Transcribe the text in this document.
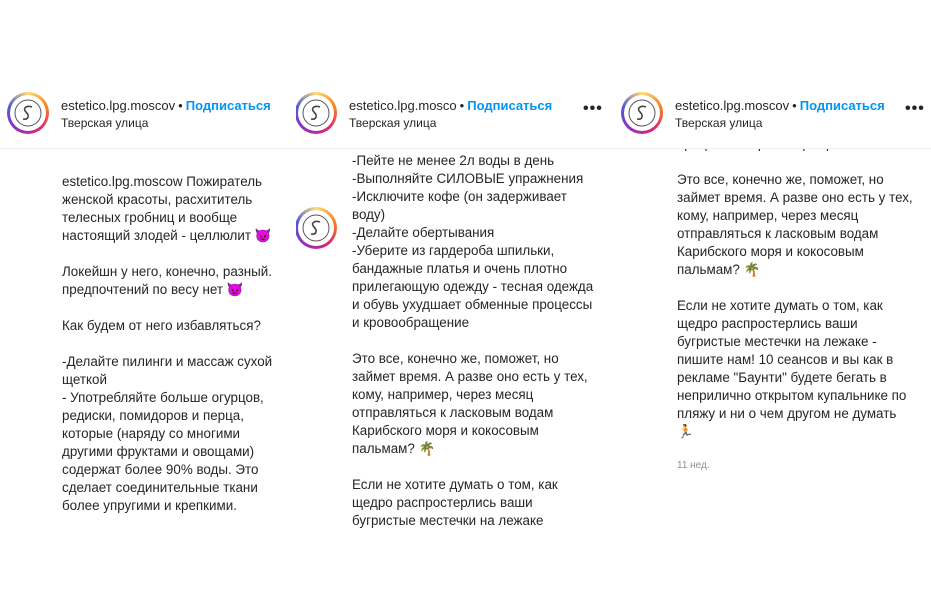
estetico.lpg.moscov • Подписаться
Тверская улица
estetico.lpg.moscow Пожиратель женской красоты, расхититель телесных гробниц и вообще настоящий злодей - целлюлит 👿

Локейшн у него, конечно, разный. предпочтений по весу нет 👿

Как будем от него избавляться?

-Делайте пилинги и массаж сухой щеткой
- Употребляйте больше огурцов, редиски, помидоров и перца, которые (наряду со многими другими фруктами и овощами) содержат более 90% воды. Это сделает соединительные ткани более упругими и крепкими.
estetico.lpg.mosco • Подписаться
Тверская улица
•••
-Пейте не менее 2л воды в день
-Выполняйте СИЛОВЫЕ упражнения
-Исключите кофе (он задерживает воду)
-Делайте обертывания
-Уберите из гардероба шпильки, бандажные платья и очень плотно прилегающую одежду - тесная одежда и обувь ухудшает обменные процессы и кровообращение

Это все, конечно же, поможет, но займет время. А разве оно есть у тех, кому, например, через месяц отправляться к ласковым водам Карибского моря и кокосовым пальмам? 🌴

Если не хотите думать о том, как щедро распростерлись ваши бугристые местечки на лежаке
estetico.lpg.moscov • Подписаться
Тверская улица
•••

Это все, конечно же, поможет, но займет время. А разве оно есть у тех, кому, например, через месяц отправляться к ласковым водам Карибского моря и кокосовым пальмам? 🌴

Если не хотите думать о том, как щедро распростерлись ваши бугристые местечки на лежаке - пишите нам! 10 сеансов и вы как в рекламе "Баунти" будете бегать в неприлично открытом купальнике по пляжу и ни о чем другом не думать 🏃
11 нед.
